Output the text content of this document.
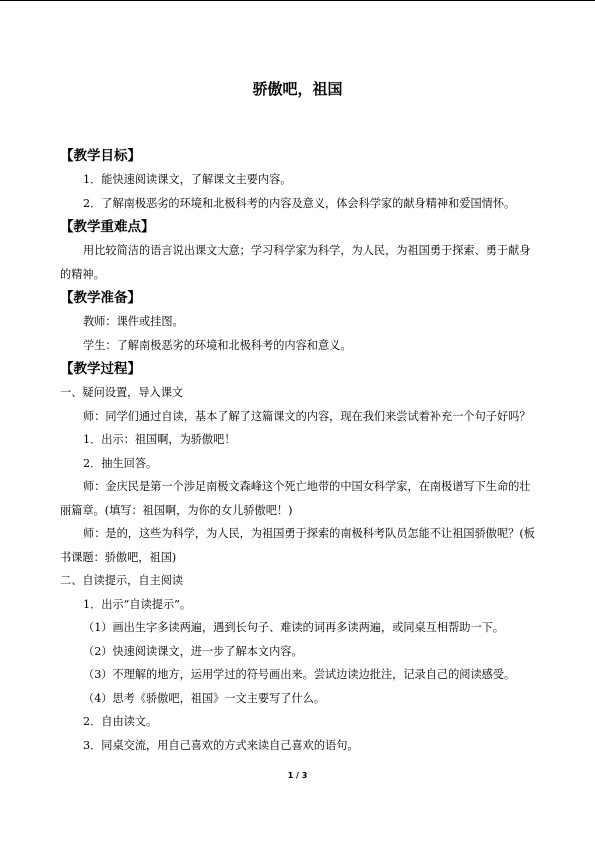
骄傲吧，祖国

【教学目标】

1．能快速阅读课文，了解课文主要内容。

2．了解南极恶劣的环境和北极科考的内容及意义，体会科学家的献身精神和爱国情怀。

【教学重难点】

用比较简洁的语言说出课文大意；学习科学家为科学，为人民，为祖国勇于探索、勇于献身的精神。

【教学准备】

教师：课件或挂图。

学生：了解南极恶劣的环境和北极科考的内容和意义。

【教学过程】

一、疑问设置，导入课文

师：同学们通过自读，基本了解了这篇课文的内容，现在我们来尝试着补充一个句子好吗？

1．出示：祖国啊，为骄傲吧！

2．抽生回答。

师：金庆民是第一个涉足南极文森峰这个死亡地带的中国女科学家，在南极谱写下生命的壮丽篇章。(填写：祖国啊，为你的女儿骄傲吧！)

师：是的，这些为科学，为人民，为祖国勇于探索的南极科考队员怎能不让祖国骄傲呢？(板书课题：骄傲吧，祖国)

二、自读提示，自主阅读

1．出示“自读提示”。

（1）画出生字多读两遍，遇到长句子、难读的词再多读两遍，或同桌互相帮助一下。

（2）快速阅读课文，进一步了解本文内容。

（3）不理解的地方，运用学过的符号画出来。尝试边读边批注，记录自己的阅读感受。

（4）思考《骄傲吧，祖国》一文主要写了什么。

2．自由读文。

3．同桌交流，用自己喜欢的方式来读自己喜欢的语句。

1 / 3
